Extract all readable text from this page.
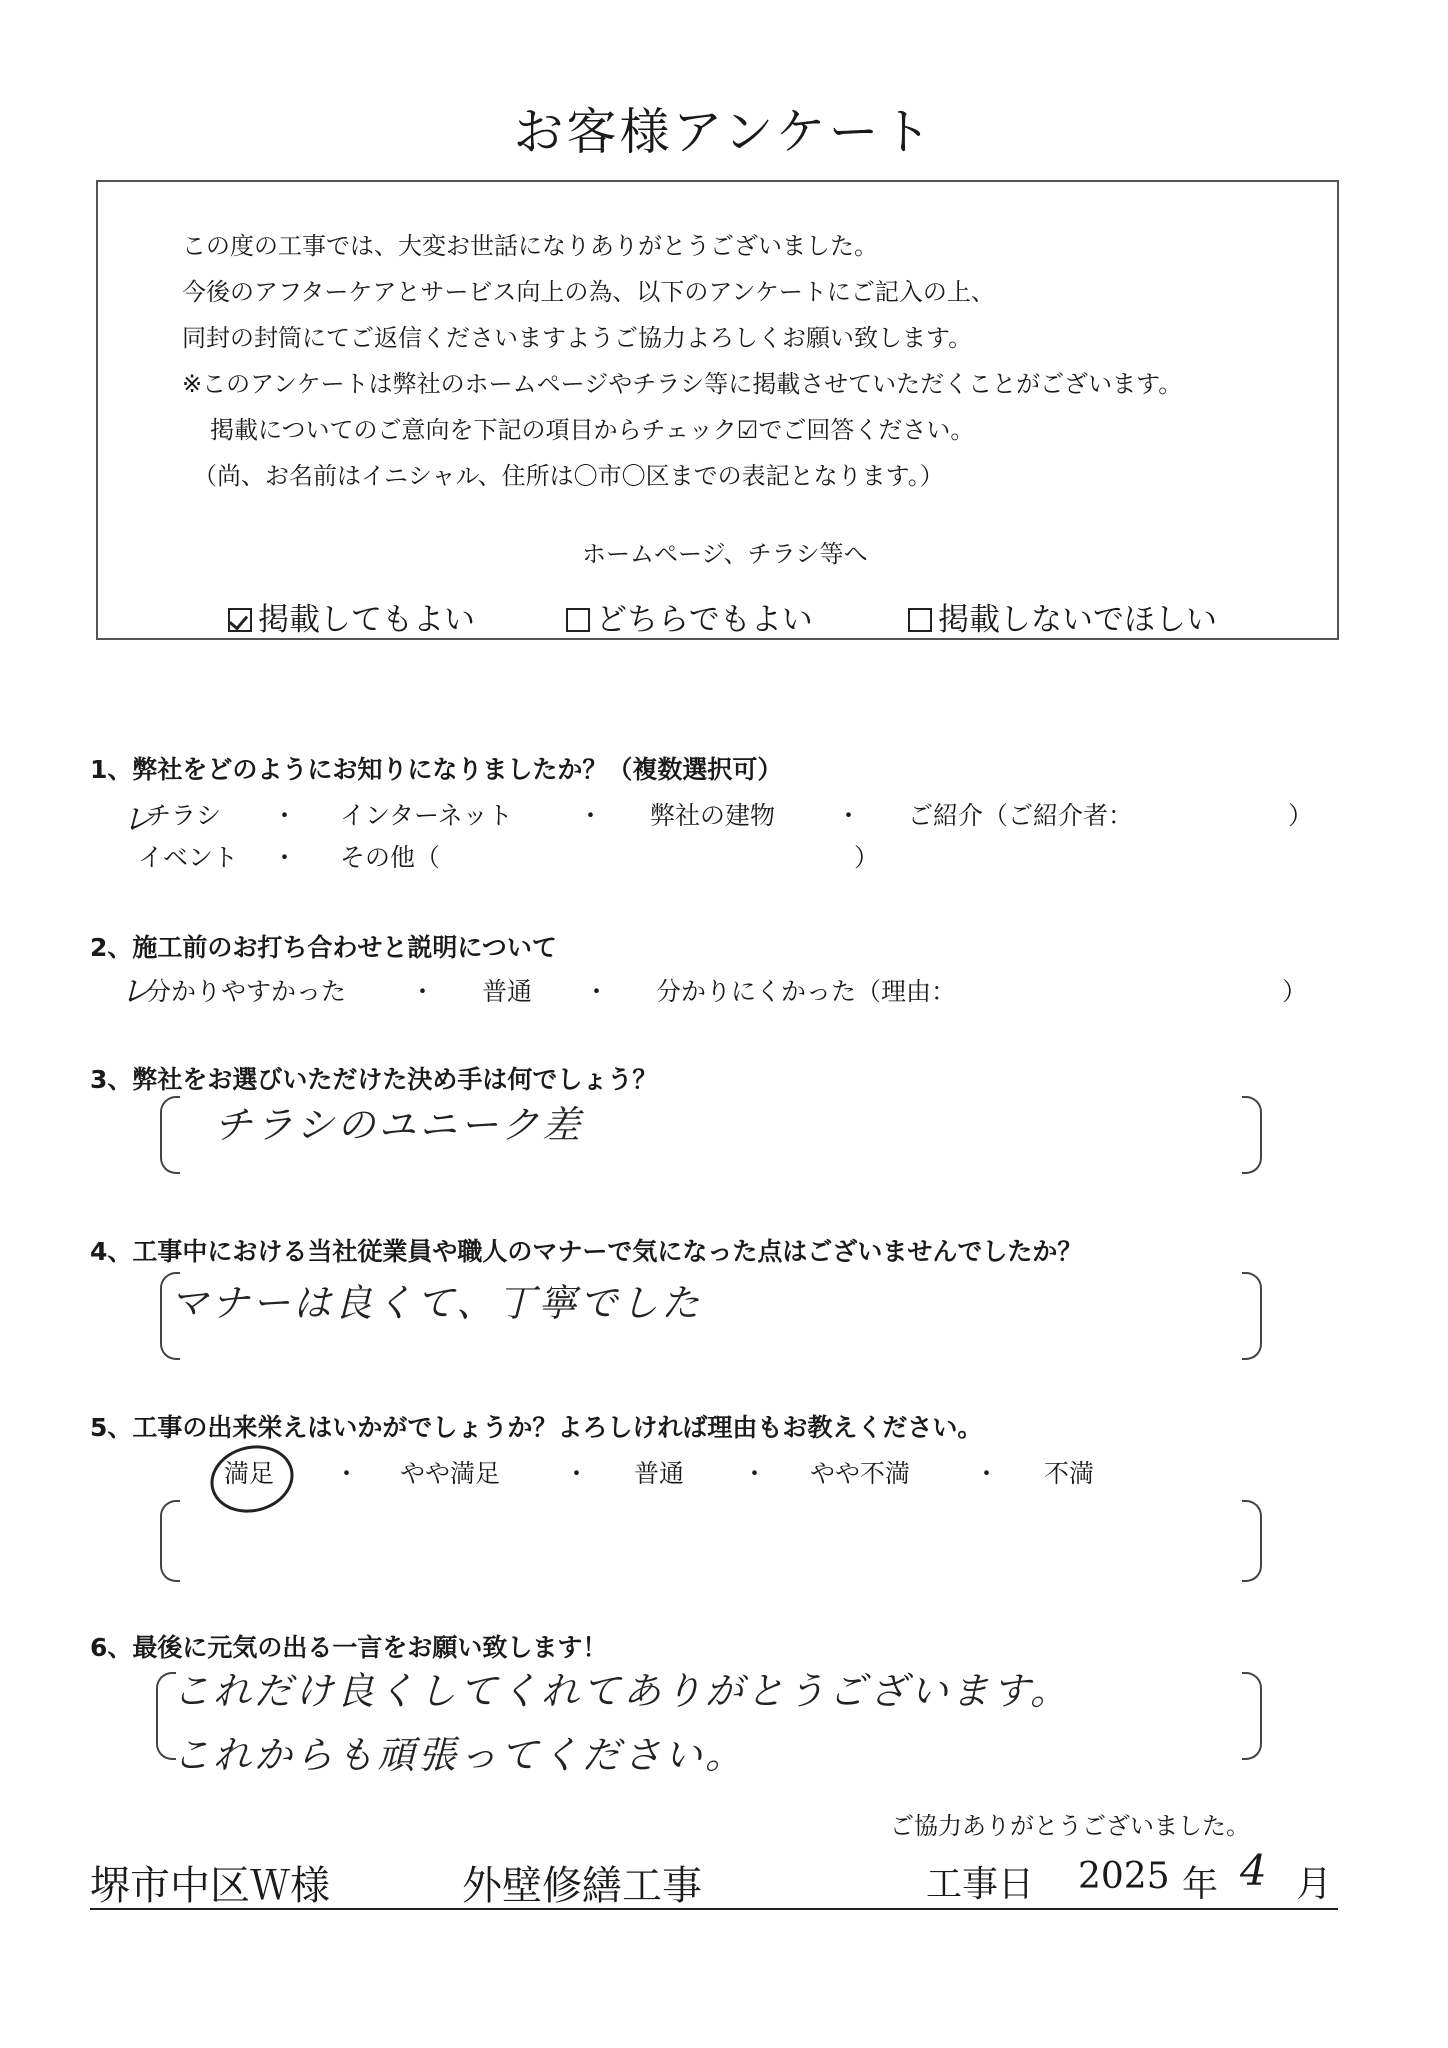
お客様アンケート
この度の工事では、大変お世話になりありがとうございました。
今後のアフターケアとサービス向上の為、以下のアンケートにご記入の上、
同封の封筒にてご返信くださいますようご協力よろしくお願い致します。
※このアンケートは弊社のホームページやチラシ等に掲載させていただくことがございます。
掲載についてのご意向を下記の項目からチェック☑でご回答ください。
（尚、お名前はイニシャル、住所は〇市〇区までの表記となります。）
ホームページ、チラシ等へ
掲載してもよい	どちらでもよい	掲載しないでほしい
1、弊社をどのようにお知りになりましたか？（複数選択可）
レ
チラシ ・ インターネット	・ 弊社の建物 ・ ご紹介（ご紹介者：	）
イベント ・ その他（	）
2、施工前のお打ち合わせと説明について
レ
分かりやすかった	・ 普通 ・ 分かりにくかった（理由：	）
3、弊社をお選びいただけた決め手は何でしょう？
チラシのユニーク差
4、工事中における当社従業員や職人のマナーで気になった点はございませんでしたか？
マナーは良くて、丁寧でした
5、工事の出来栄えはいかがでしょうか？よろしければ理由もお教えください。
満足 ・ やや満足	・ 普通 ・ やや不満	・ 不満
6、最後に元気の出る一言をお願い致します！
これだけ良くしてくれてありがとうございます。
これからも頑張ってください。
ご協力ありがとうございました。
堺市中区Ｗ様	外壁修繕工事	工事日 2025 年 4 月
